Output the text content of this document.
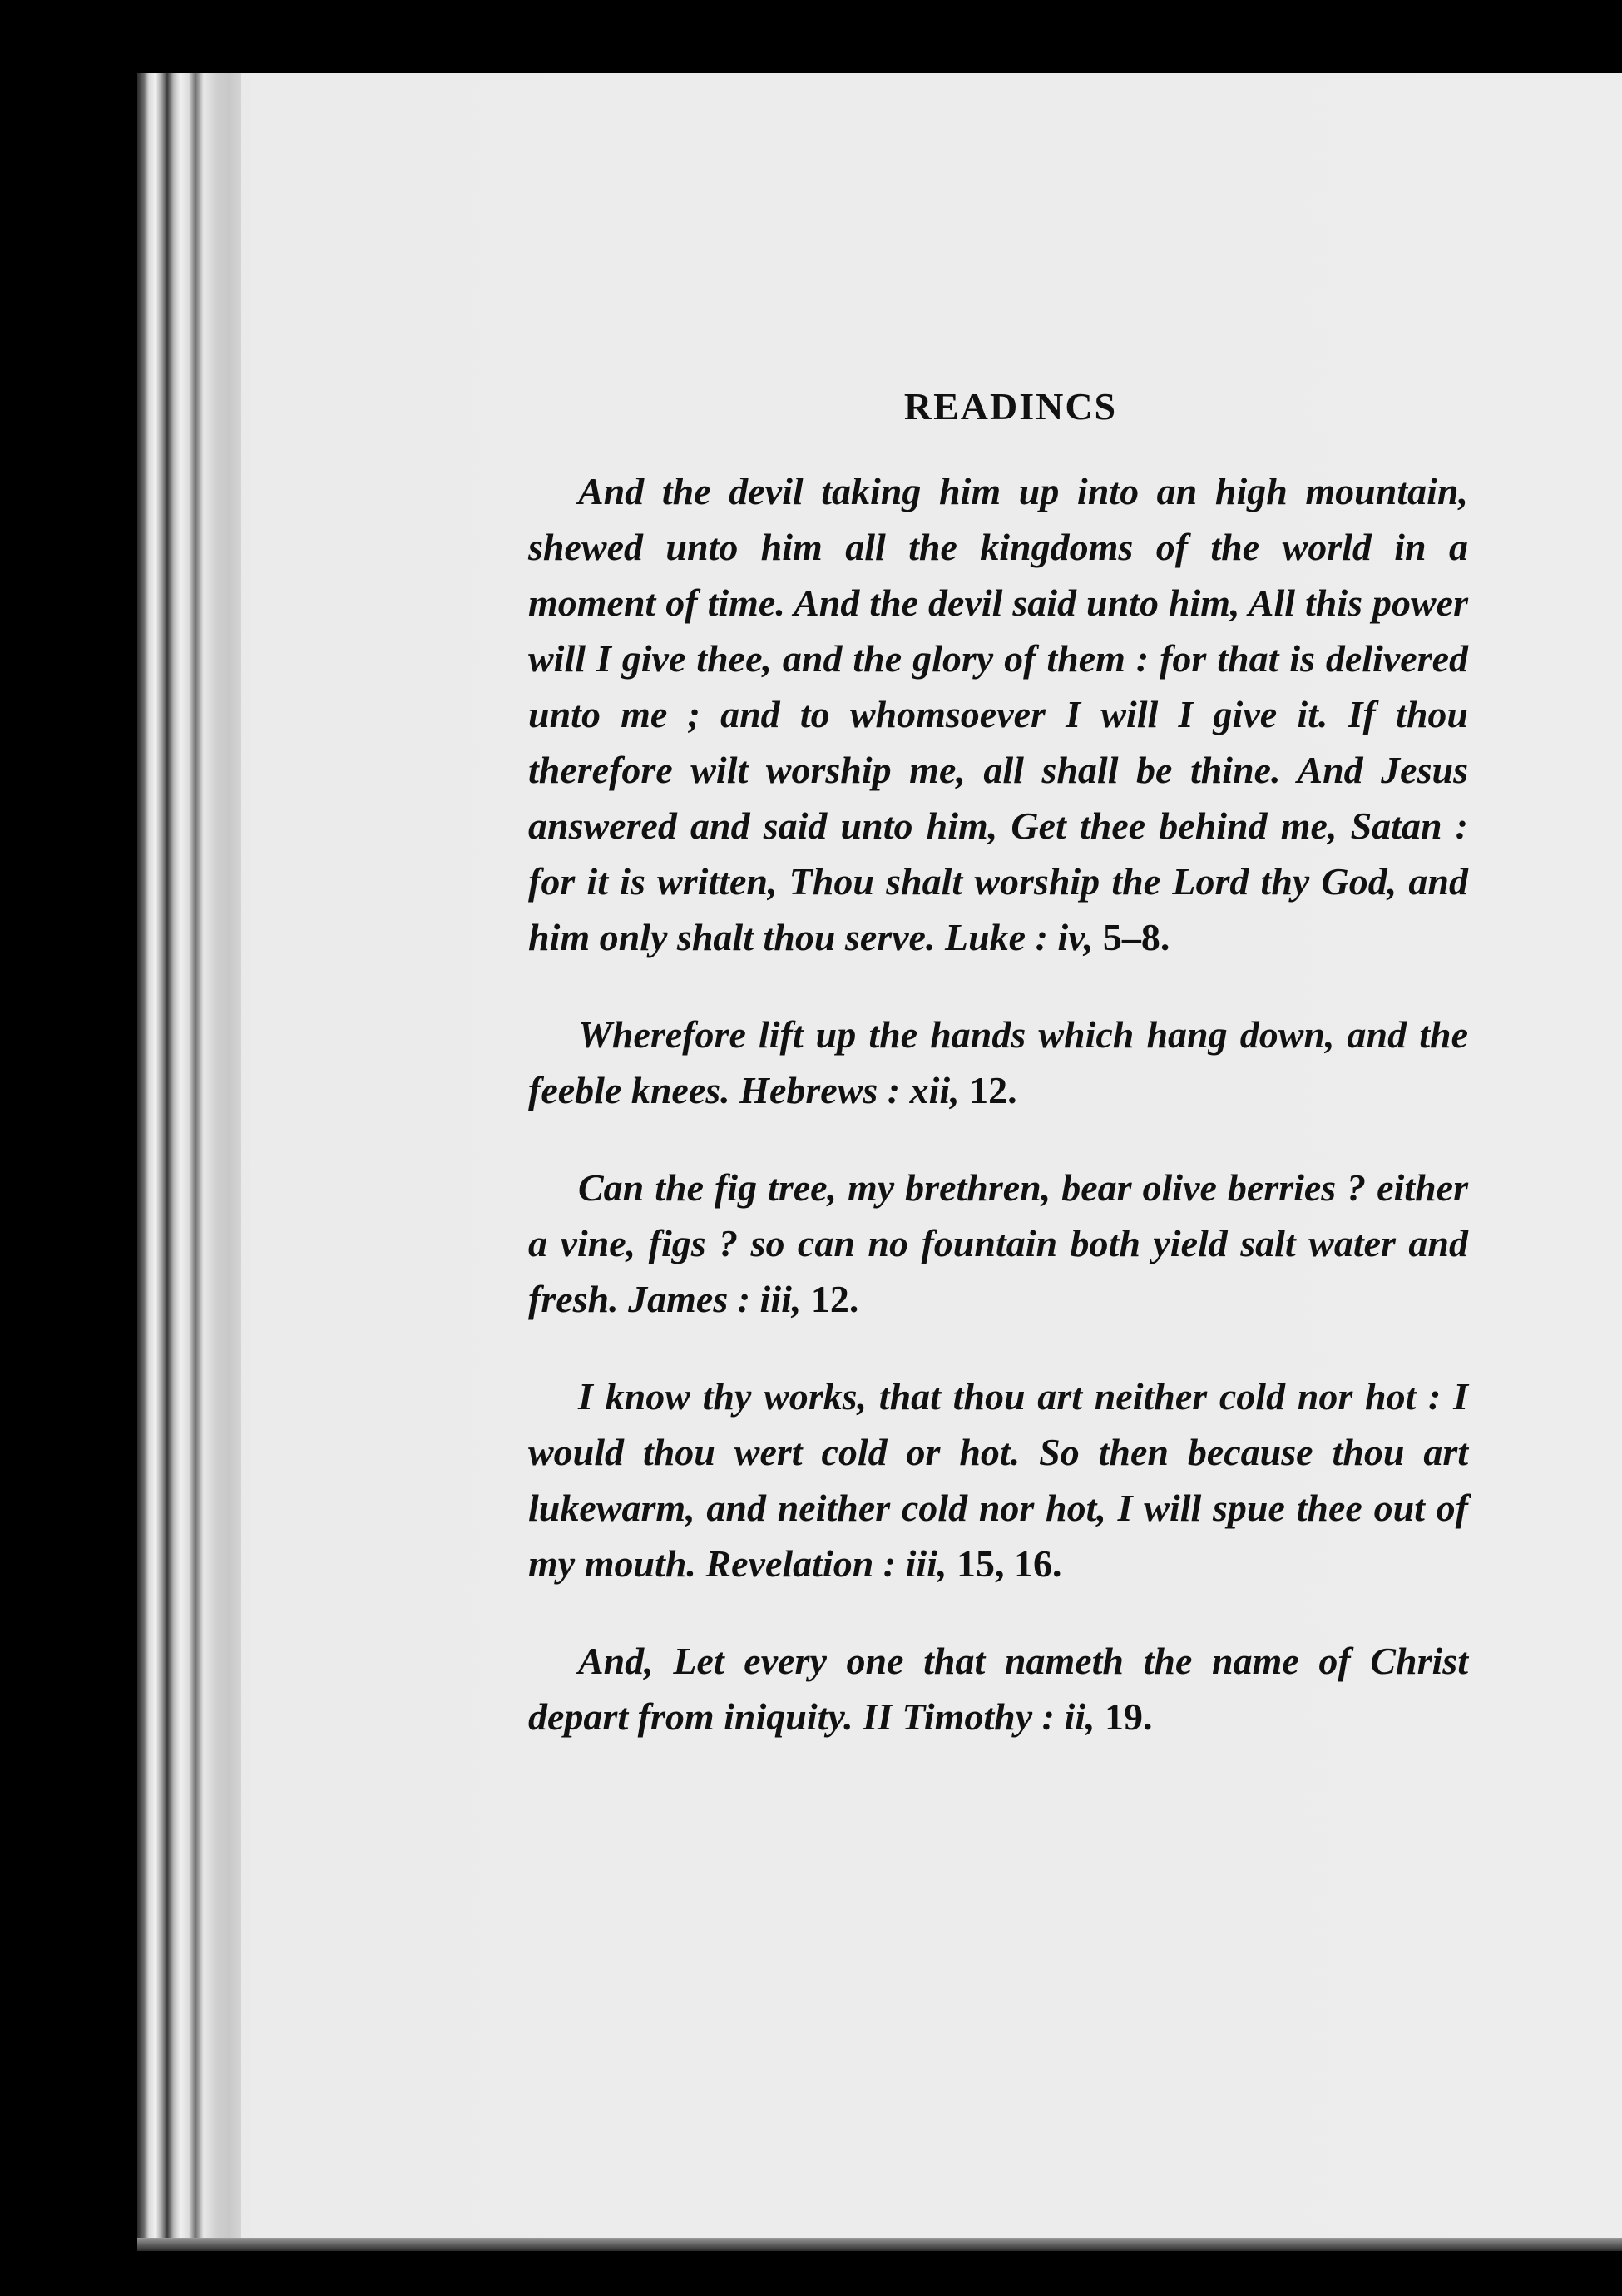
READINCS

And the devil taking him up into an high mountain, shewed unto him all the kingdoms of the world in a moment of time. And the devil said unto him, All this power will I give thee, and the glory of them : for that is delivered unto me ; and to whomsoever I will I give it. If thou therefore wilt worship me, all shall be thine. And Jesus answered and said unto him, Get thee behind me, Satan : for it is written, Thou shalt worship the Lord thy God, and him only shalt thou serve. Luke : iv, 5–8.

Wherefore lift up the hands which hang down, and the feeble knees. Hebrews : xii, 12.

Can the fig tree, my brethren, bear olive berries ? either a vine, figs ? so can no fountain both yield salt water and fresh. James : iii, 12.

I know thy works, that thou art neither cold nor hot : I would thou wert cold or hot. So then because thou art lukewarm, and neither cold nor hot, I will spue thee out of my mouth. Revelation : iii, 15, 16.

And, Let every one that nameth the name of Christ depart from iniquity. II Timothy : ii, 19.
